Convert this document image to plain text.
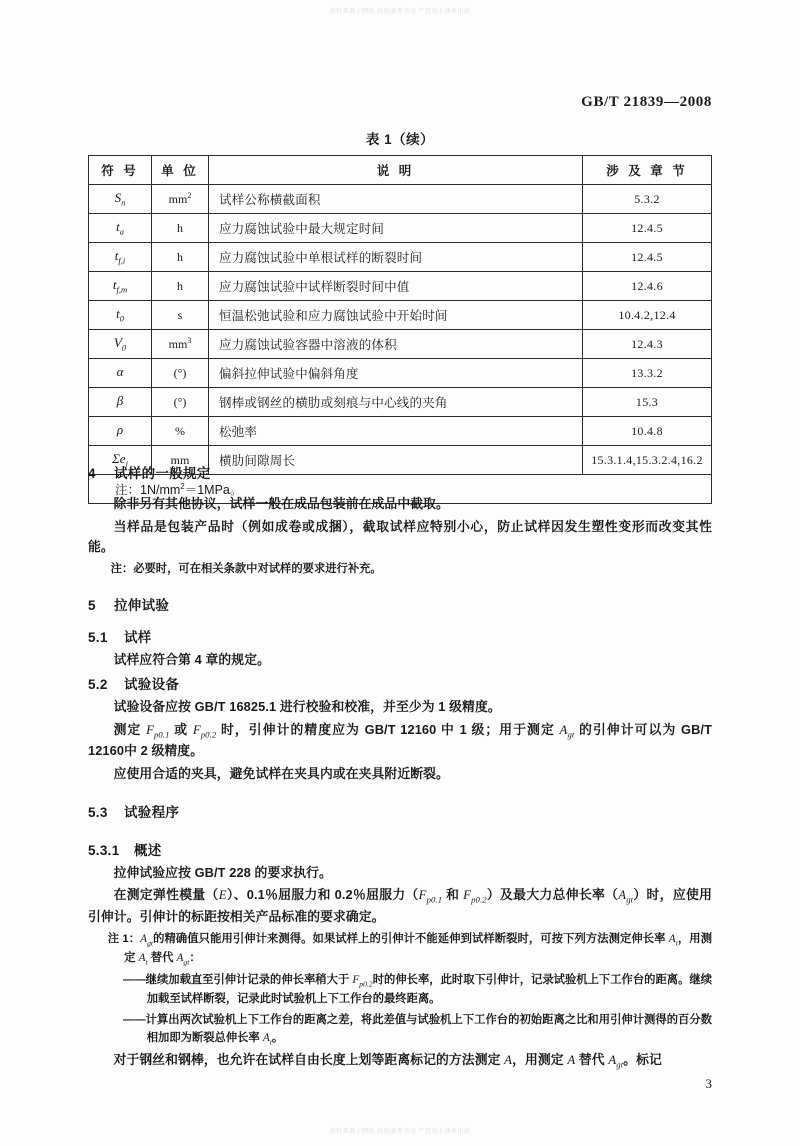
资料来源于网络 仅供参考学习 严禁用于商业用途
GB/T 21839—2008
表 1（续）
符 号	单 位	说 明	涉 及 章 节
$S_n$	$mm^2$	试样公称横截面积	5.3.2
$t_a$	h	应力腐蚀试验中最大规定时间	12.4.5
$t_{f,i}$	h	应力腐蚀试验中单根试样的断裂时间	12.4.5
$t_{f,m}$	h	应力腐蚀试验中试样断裂时间中值	12.4.6
$t_0$	s	恒温松弛试验和应力腐蚀试验中开始时间	10.4.2,12.4
$V_0$	$mm^3$	应力腐蚀试验容器中溶液的体积	12.4.3
α	(°)	偏斜拉伸试验中偏斜角度	13.3.2
β	(°)	钢棒或钢丝的横肋或刻痕与中心线的夹角	15.3
ρ	%	松弛率	10.4.8
$\Sigma e_i$	mm	横肋间隙周长	15.3.1.4,15.3.2.4,16.2
注：$1N/mm^2=1MPa$。			
4 试样的一般规定

除非另有其他协议，试样一般在成品包装前在成品中截取。

当样品是包装产品时（例如成卷或成捆），截取试样应特别小心，防止试样因发生塑性变形而改变其性能。

注：必要时，可在相关条款中对试样的要求进行补充。

5 拉伸试验
5.1 试样

试样应符合第 4 章的规定。

5.2 试验设备

试验设备应按 GB/T 16825.1 进行校验和校准，并至少为 1 级精度。

测定 $F_{p0.1}$ 或 $F_{p0.2}$ 时，引伸计的精度应为 GB/T 12160 中 1 级；用于测定 $A_{gt}$ 的引伸计可以为 GB/T 12160中 2 级精度。

应使用合适的夹具，避免试样在夹具内或在夹具附近断裂。

5.3 试验程序
5.3.1 概述

拉伸试验应按 GB/T 228 的要求执行。

在测定弹性模量（E）、0.1％屈服力和 0.2％屈服力（$F_{p0.1}$ 和 $F_{p0.2}$）及最大力总伸长率$(A_{gt})$时，应使用引伸计。引伸计的标距按相关产品标准的要求确定。

注 1：$A_{gt}$的精确值只能用引伸计来测得。如果试样上的引伸计不能延伸到试样断裂时，可按下列方法测定伸长率 $A_t$，用测定 $A_t$ 替代 $A_{gt}$：

——继续加载直至引伸计记录的伸长率稍大于 $F_{p0.2}$时的伸长率，此时取下引伸计，记录试验机上下工作台的距离。继续加载至试样断裂，记录此时试验机上下工作台的最终距离。

——计算出两次试验机上下工作台的距离之差，将此差值与试验机上下工作台的初始距离之比和用引伸计测得的百分数相加即为断裂总伸长率 $A_t$。

对于钢丝和钢棒，也允许在试样自由长度上划等距离标记的方法测定 A，用测定 A 替代 $A_{gt}$。标记

3
资料来源于网络 仅供参考学习 严禁用于商业用途
